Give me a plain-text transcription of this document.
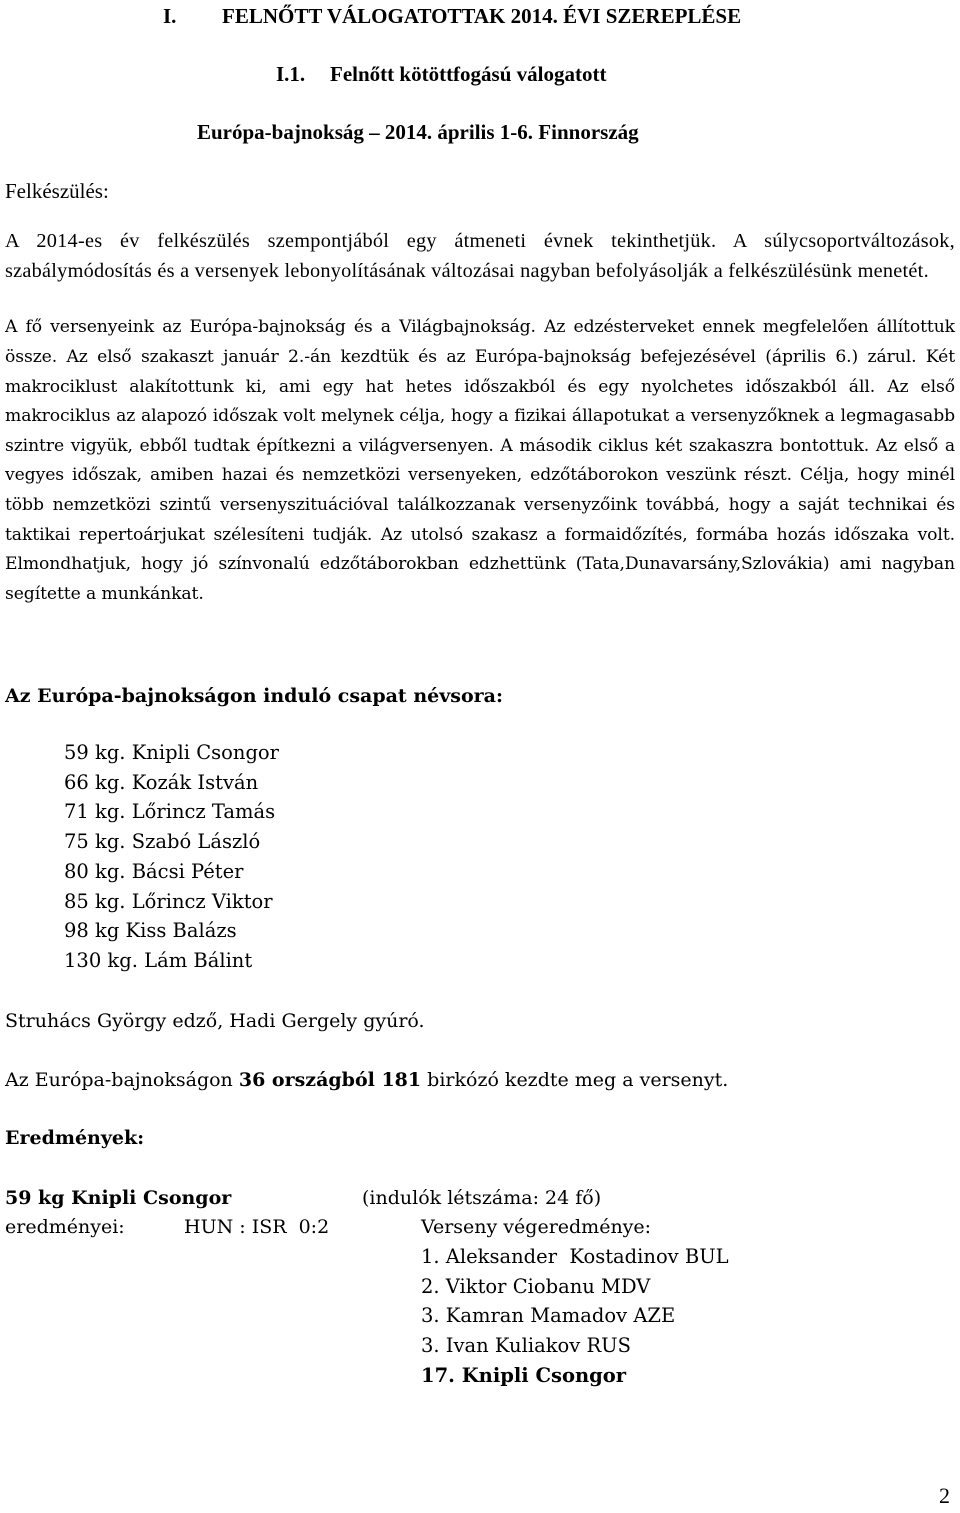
I. FELNŐTT VÁLOGATOTTAK 2014. ÉVI SZEREPLÉSE
I.1. Felnőtt kötöttfogású válogatott
Európa-bajnokság – 2014. április 1-6. Finnország
Felkészülés:

A 2014-es év felkészülés szempontjából egy átmeneti évnek tekinthetjük. A súlycsoportváltozások, szabálymódosítás és a versenyek lebonyolításának változásai nagyban befolyásolják a felkészülésünk menetét.

A fő versenyeink az Európa-bajnokság és a Világbajnokság. Az edzésterveket ennek megfelelően állítottuk össze. Az első szakaszt január 2.-án kezdtük és az Európa-bajnokság befejezésével (április 6.) zárul. Két makrociklust alakítottunk ki, ami egy hat hetes időszakból és egy nyolchetes időszakból áll. Az első makrociklus az alapozó időszak volt melynek célja, hogy a fizikai állapotukat a versenyzőknek a legmagasabb szintre vigyük, ebből tudtak építkezni a világversenyen. A második ciklus két szakaszra bontottuk. Az első a vegyes időszak, amiben hazai és nemzetközi versenyeken, edzőtáborokon veszünk részt. Célja, hogy minél több nemzetközi szintű versenyszituációval találkozzanak versenyzőink továbbá, hogy a saját technikai és taktikai repertoárjukat szélesíteni tudják. Az utolsó szakasz a formaidőzítés, formába hozás időszaka volt. Elmondhatjuk, hogy jó színvonalú edzőtáborokban edzhettünk (Tata,Dunavarsány,Szlovákia) ami nagyban segítette a munkánkat.

Az Európa-bajnokságon induló csapat névsora:
59 kg. Knipli Csongor
66 kg. Kozák István
71 kg. Lőrincz Tamás
75 kg. Szabó László
80 kg. Bácsi Péter
85 kg. Lőrincz Viktor
98 kg Kiss Balázs
130 kg. Lám Bálint
Struhács György edző, Hadi Gergely gyúró.
Az Európa-bajnokságon 36 országból 181 birkózó kezdte meg a versenyt.
Eredmények:
59 kg Knipli Csongor	(indulók létszáma: 24 fő)
eredményei:	HUN : ISR  0:2	Verseny végeredménye:
1. Aleksander  Kostadinov BUL
2. Viktor Ciobanu MDV
3. Kamran Mamadov AZE
3. Ivan Kuliakov RUS
17. Knipli Csongor
2
